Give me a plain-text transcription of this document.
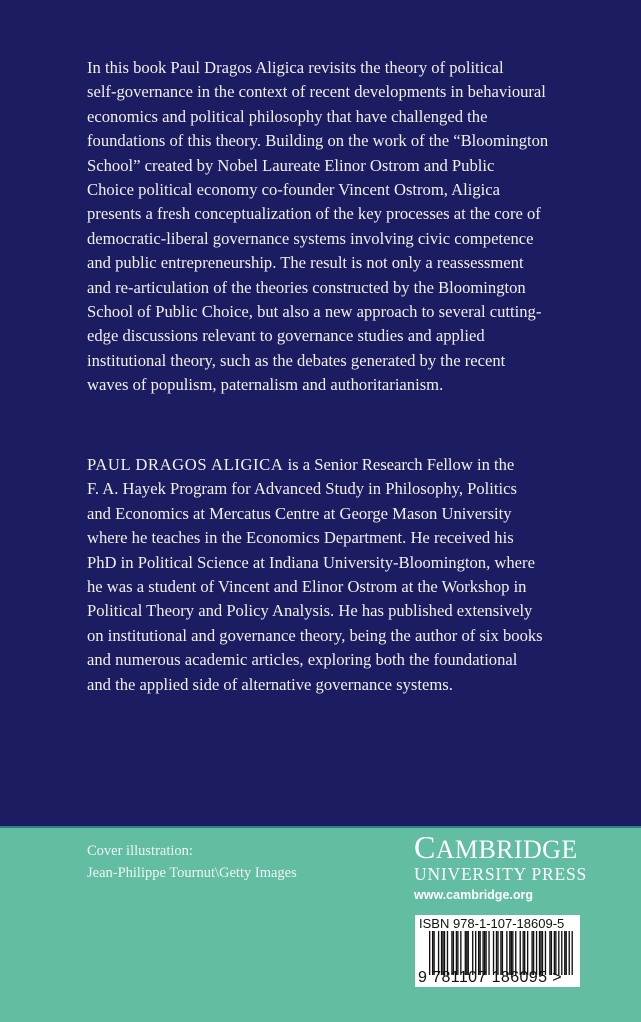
In this book Paul Dragos Aligica revisits the theory of political
self-governance in the context of recent developments in behavioural
economics and political philosophy that have challenged the
foundations of this theory. Building on the work of the “Bloomington
School” created by Nobel Laureate Elinor Ostrom and Public
Choice political economy co-founder Vincent Ostrom, Aligica
presents a fresh conceptualization of the key processes at the core of
democratic-liberal governance systems involving civic competence
and public entrepreneurship. The result is not only a reassessment
and re-articulation of the theories constructed by the Bloomington
School of Public Choice, but also a new approach to several cutting-
edge discussions relevant to governance studies and applied
institutional theory, such as the debates generated by the recent
waves of populism, paternalism and authoritarianism.
PAUL DRAGOS ALIGICA is a Senior Research Fellow in the
F. A. Hayek Program for Advanced Study in Philosophy, Politics
and Economics at Mercatus Centre at George Mason University
where he teaches in the Economics Department. He received his
PhD in Political Science at Indiana University-Bloomington, where
he was a student of Vincent and Elinor Ostrom at the Workshop in
Political Theory and Policy Analysis. He has published extensively
on institutional and governance theory, being the author of six books
and numerous academic articles, exploring both the foundational
and the applied side of alternative governance systems.
Cover illustration:
Jean-Philippe Tournut\Getty Images
CAMBRIDGE
UNIVERSITY PRESS
www.cambridge.org
ISBN 978-1-107-18609-5
9 781107 186095 >
